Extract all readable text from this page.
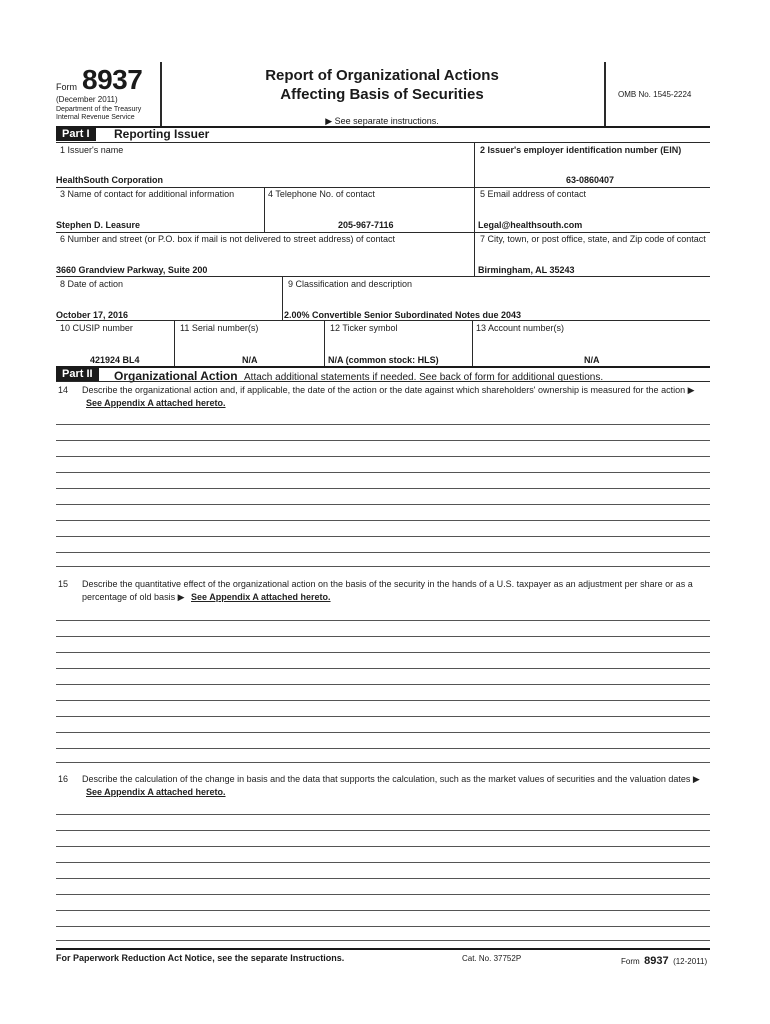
Form 8937
(December 2011)
Department of the Treasury
Internal Revenue Service
Report of Organizational Actions
Affecting Basis of Securities
▶ See separate instructions.
OMB No. 1545-2224
Part I	Reporting Issuer
1 Issuer's name	2 Issuer's employer identification number (EIN)
HealthSouth Corporation	63-0860407
3 Name of contact for additional information	4 Telephone No. of contact	5 Email address of contact
Stephen D. Leasure	205-967-7116	Legal@healthsouth.com
6 Number and street (or P.O. box if mail is not delivered to street address) of contact	7 City, town, or post office, state, and Zip code of contact
3660 Grandview Parkway, Suite 200	Birmingham, AL 35243
8 Date of action	9 Classification and description
October 17, 2016	2.00% Convertible Senior Subordinated Notes due 2043
10 CUSIP number	11 Serial number(s)	12 Ticker symbol	13 Account number(s)
421924 BL4	N/A	N/A (common stock: HLS)	N/A
Part II	Organizational Action Attach additional statements if needed. See back of form for additional questions.
14 Describe the organizational action and, if applicable, the date of the action or the date against which shareholders' ownership is measured for the action ▶ See Appendix A attached hereto.
15 Describe the quantitative effect of the organizational action on the basis of the security in the hands of a U.S. taxpayer as an adjustment per share or as a percentage of old basis ▶ See Appendix A attached hereto.
16 Describe the calculation of the change in basis and the data that supports the calculation, such as the market values of securities and the valuation dates ▶ See Appendix A attached hereto.
For Paperwork Reduction Act Notice, see the separate Instructions.	Cat. No. 37752P	Form 8937 (12-2011)
